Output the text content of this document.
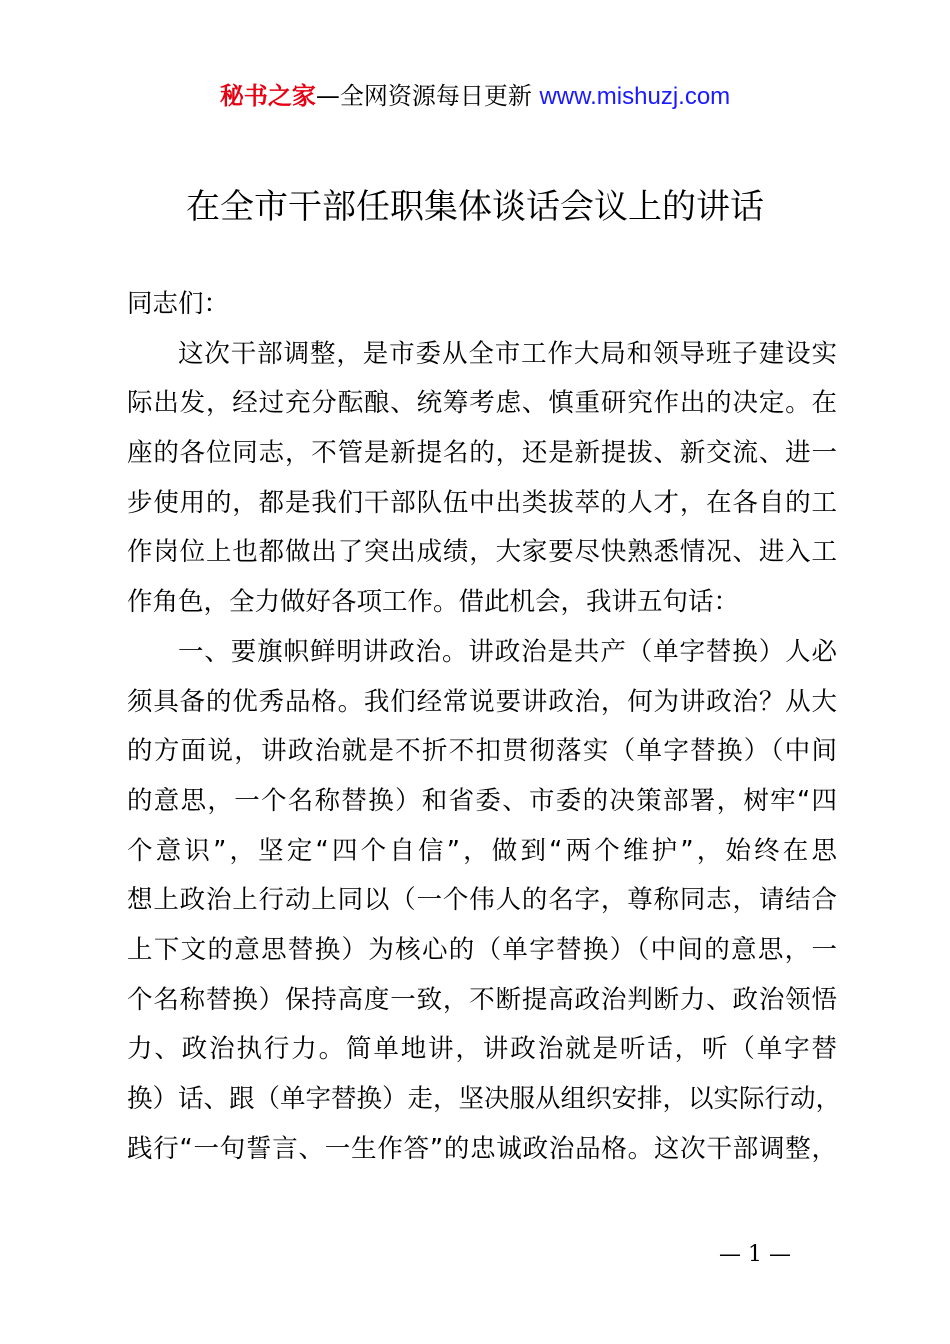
秘书之家—全网资源每日更新 www.mishuzj.com
在全市干部任职集体谈话会议上的讲话
同志们：
这次干部调整，是市委从全市工作大局和领导班子建设实
际出发，经过充分酝酿、统筹考虑、慎重研究作出的决定。在
座的各位同志，不管是新提名的，还是新提拔、新交流、进一
步使用的，都是我们干部队伍中出类拔萃的人才，在各自的工
作岗位上也都做出了突出成绩，大家要尽快熟悉情况、进入工
作角色，全力做好各项工作。借此机会，我讲五句话：
一、要旗帜鲜明讲政治。讲政治是共产（单字替换）人必
须具备的优秀品格。我们经常说要讲政治，何为讲政治？从大
的方面说，讲政治就是不折不扣贯彻落实（单字替换）（中间
的意思，一个名称替换）和省委、市委的决策部署，树牢“四
个意识”，坚定“四个自信”，做到“两个维护”，始终在思
想上政治上行动上同以（一个伟人的名字，尊称同志，请结合
上下文的意思替换）为核心的（单字替换）（中间的意思，一
个名称替换）保持高度一致，不断提高政治判断力、政治领悟
力、政治执行力。简单地讲，讲政治就是听话，听（单字替
换）话、跟（单字替换）走，坚决服从组织安排，以实际行动，
践行“一句誓言、一生作答”的忠诚政治品格。这次干部调整，
— 1 —
